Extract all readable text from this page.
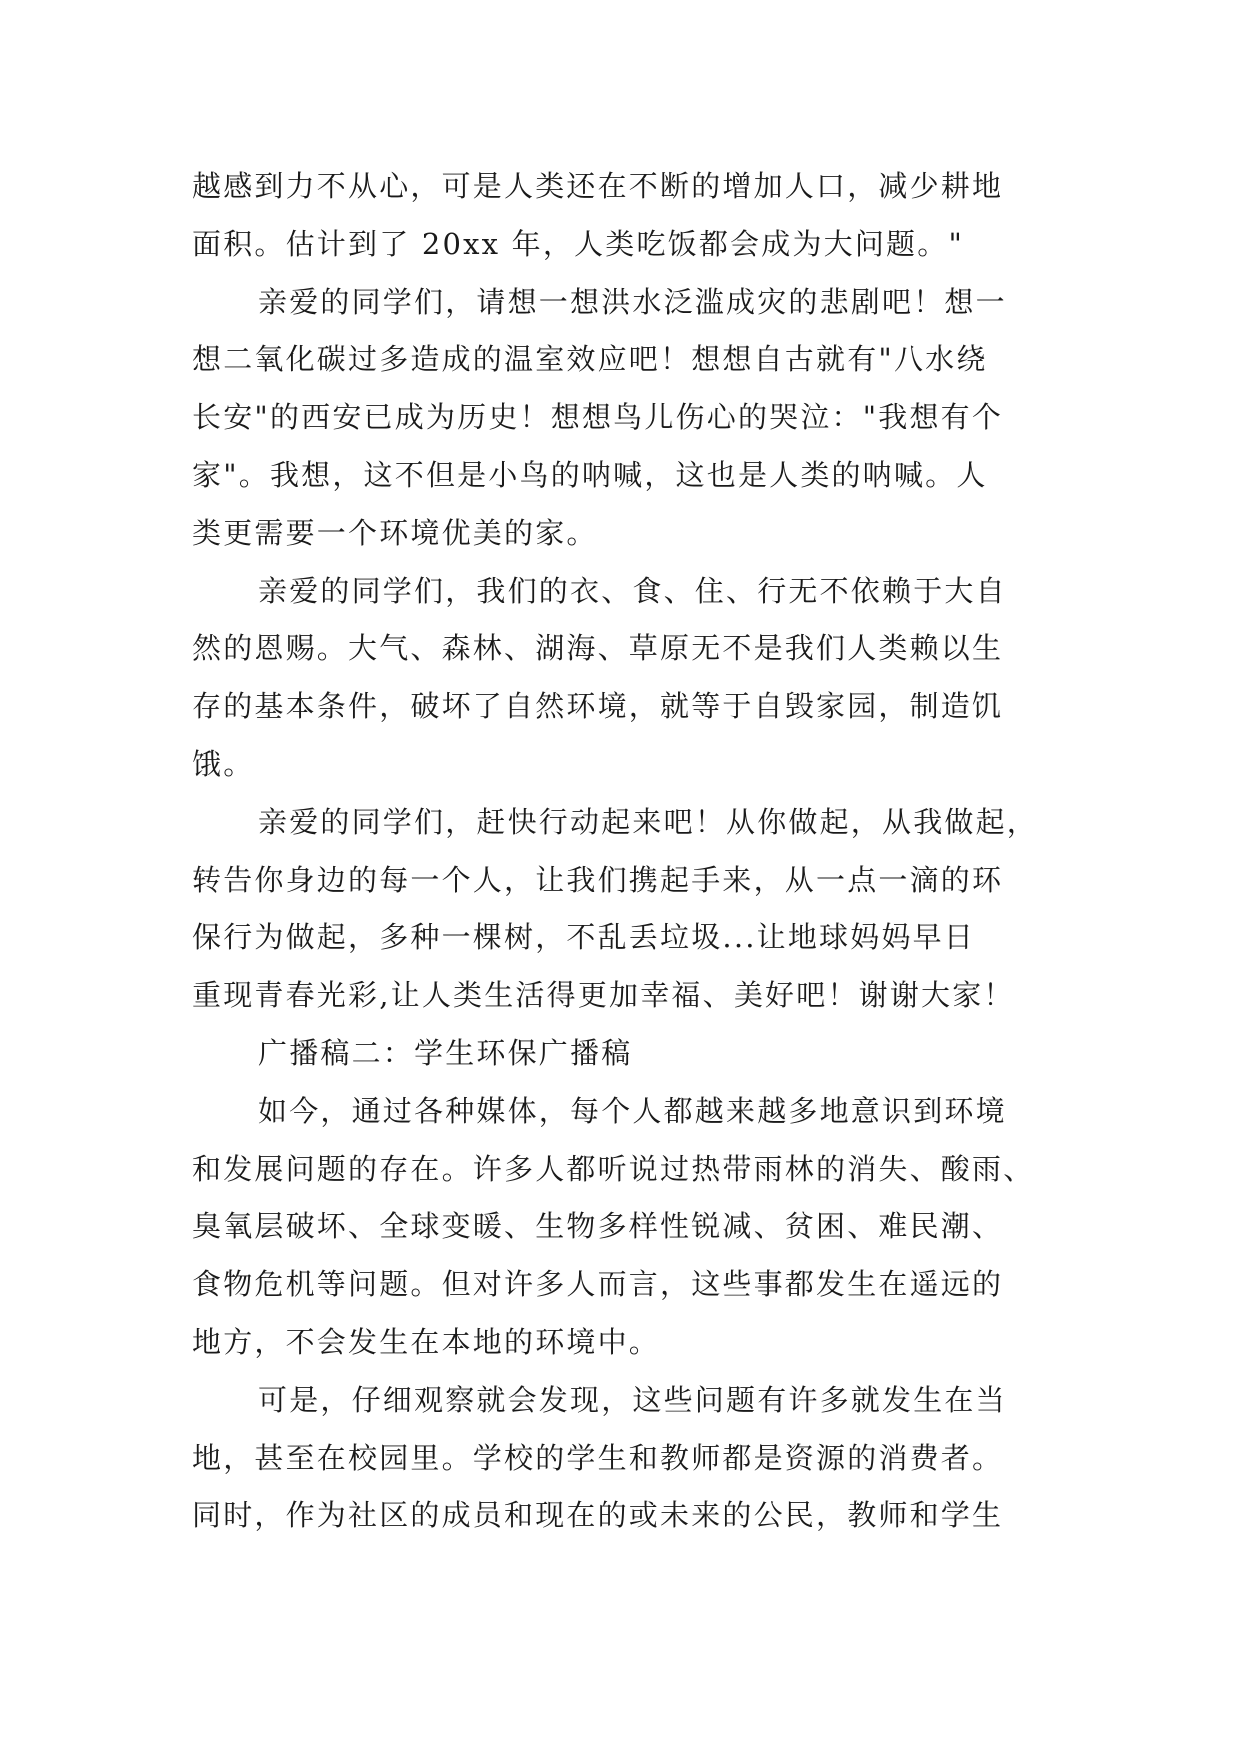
越感到力不从心，可是人类还在不断的增加人口，减少耕地
面积。估计到了 20xx 年，人类吃饭都会成为大问题。"
亲爱的同学们，请想一想洪水泛滥成灾的悲剧吧！想一
想二氧化碳过多造成的温室效应吧！想想自古就有"八水绕
长安"的西安已成为历史！想想鸟儿伤心的哭泣："我想有个
家"。我想，这不但是小鸟的呐喊，这也是人类的呐喊。人
类更需要一个环境优美的家。
亲爱的同学们，我们的衣、食、住、行无不依赖于大自
然的恩赐。大气、森林、湖海、草原无不是我们人类赖以生
存的基本条件，破坏了自然环境，就等于自毁家园，制造饥
饿。
亲爱的同学们，赶快行动起来吧！从你做起，从我做起，
转告你身边的每一个人，让我们携起手来，从一点一滴的环
保行为做起，多种一棵树，不乱丢垃圾...让地球妈妈早日
重现青春光彩,让人类生活得更加幸福、美好吧！谢谢大家！
广播稿二：学生环保广播稿
如今，通过各种媒体，每个人都越来越多地意识到环境
和发展问题的存在。许多人都听说过热带雨林的消失、酸雨、
臭氧层破坏、全球变暖、生物多样性锐减、贫困、难民潮、
食物危机等问题。但对许多人而言，这些事都发生在遥远的
地方，不会发生在本地的环境中。
可是，仔细观察就会发现，这些问题有许多就发生在当
地，甚至在校园里。学校的学生和教师都是资源的消费者。
同时，作为社区的成员和现在的或未来的公民，教师和学生
